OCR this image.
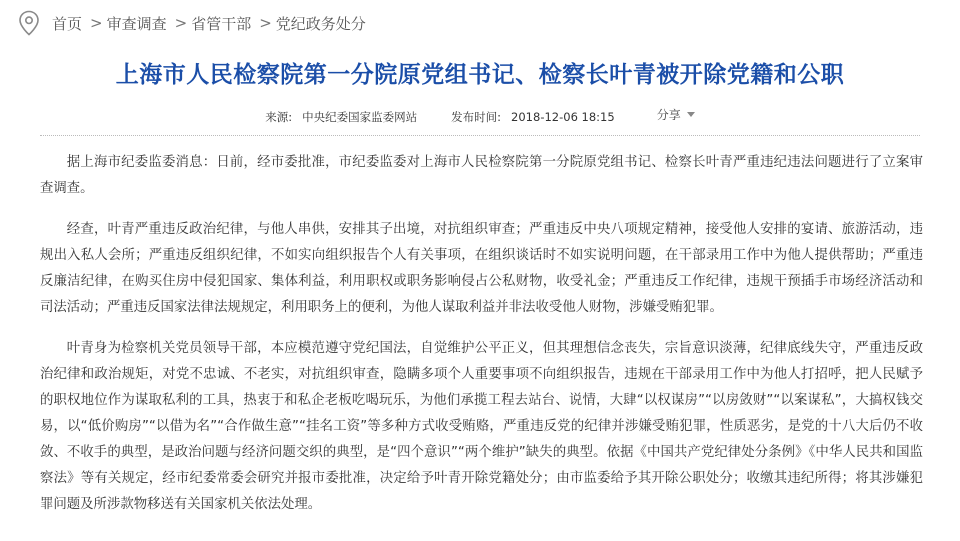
首页 > 审查调查 > 省管干部 > 党纪政务处分
上海市人民检察院第一分院原党组书记、检察长叶青被开除党籍和公职
来源: 中央纪委国家监委网站	发布时间: 2018-12-06 18:15	分享

据上海市纪委监委消息：日前，经市委批准，市纪委监委对上海市人民检察院第一分院原党组书记、检察长叶青严重违纪违法问题进行了立案审查调查。

经查，叶青严重违反政治纪律，与他人串供，安排其子出境，对抗组织审查；严重违反中央八项规定精神，接受他人安排的宴请、旅游活动，违规出入私人会所；严重违反组织纪律，不如实向组织报告个人有关事项，在组织谈话时不如实说明问题，在干部录用工作中为他人提供帮助；严重违反廉洁纪律，在购买住房中侵犯国家、集体利益，利用职权或职务影响侵占公私财物，收受礼金；严重违反工作纪律，违规干预插手市场经济活动和司法活动；严重违反国家法律法规规定，利用职务上的便利，为他人谋取利益并非法收受他人财物，涉嫌受贿犯罪。

叶青身为检察机关党员领导干部，本应模范遵守党纪国法，自觉维护公平正义，但其理想信念丧失，宗旨意识淡薄，纪律底线失守，严重违反政治纪律和政治规矩，对党不忠诚、不老实，对抗组织审查，隐瞒多项个人重要事项不向组织报告，违规在干部录用工作中为他人打招呼，把人民赋予的职权地位作为谋取私利的工具，热衷于和私企老板吃喝玩乐，为他们承揽工程去站台、说情，大肆“以权谋房”“以房敛财”“以案谋私”，大搞权钱交易，以“低价购房”“以借为名”“合作做生意”“挂名工资”等多种方式收受贿赂，严重违反党的纪律并涉嫌受贿犯罪，性质恶劣，是党的十八大后仍不收敛、不收手的典型，是政治问题与经济问题交织的典型，是“四个意识”“两个维护”缺失的典型。依据《中国共产党纪律处分条例》《中华人民共和国监察法》等有关规定，经市纪委常委会研究并报市委批准，决定给予叶青开除党籍处分；由市监委给予其开除公职处分；收缴其违纪所得；将其涉嫌犯罪问题及所涉款物移送有关国家机关依法处理。
